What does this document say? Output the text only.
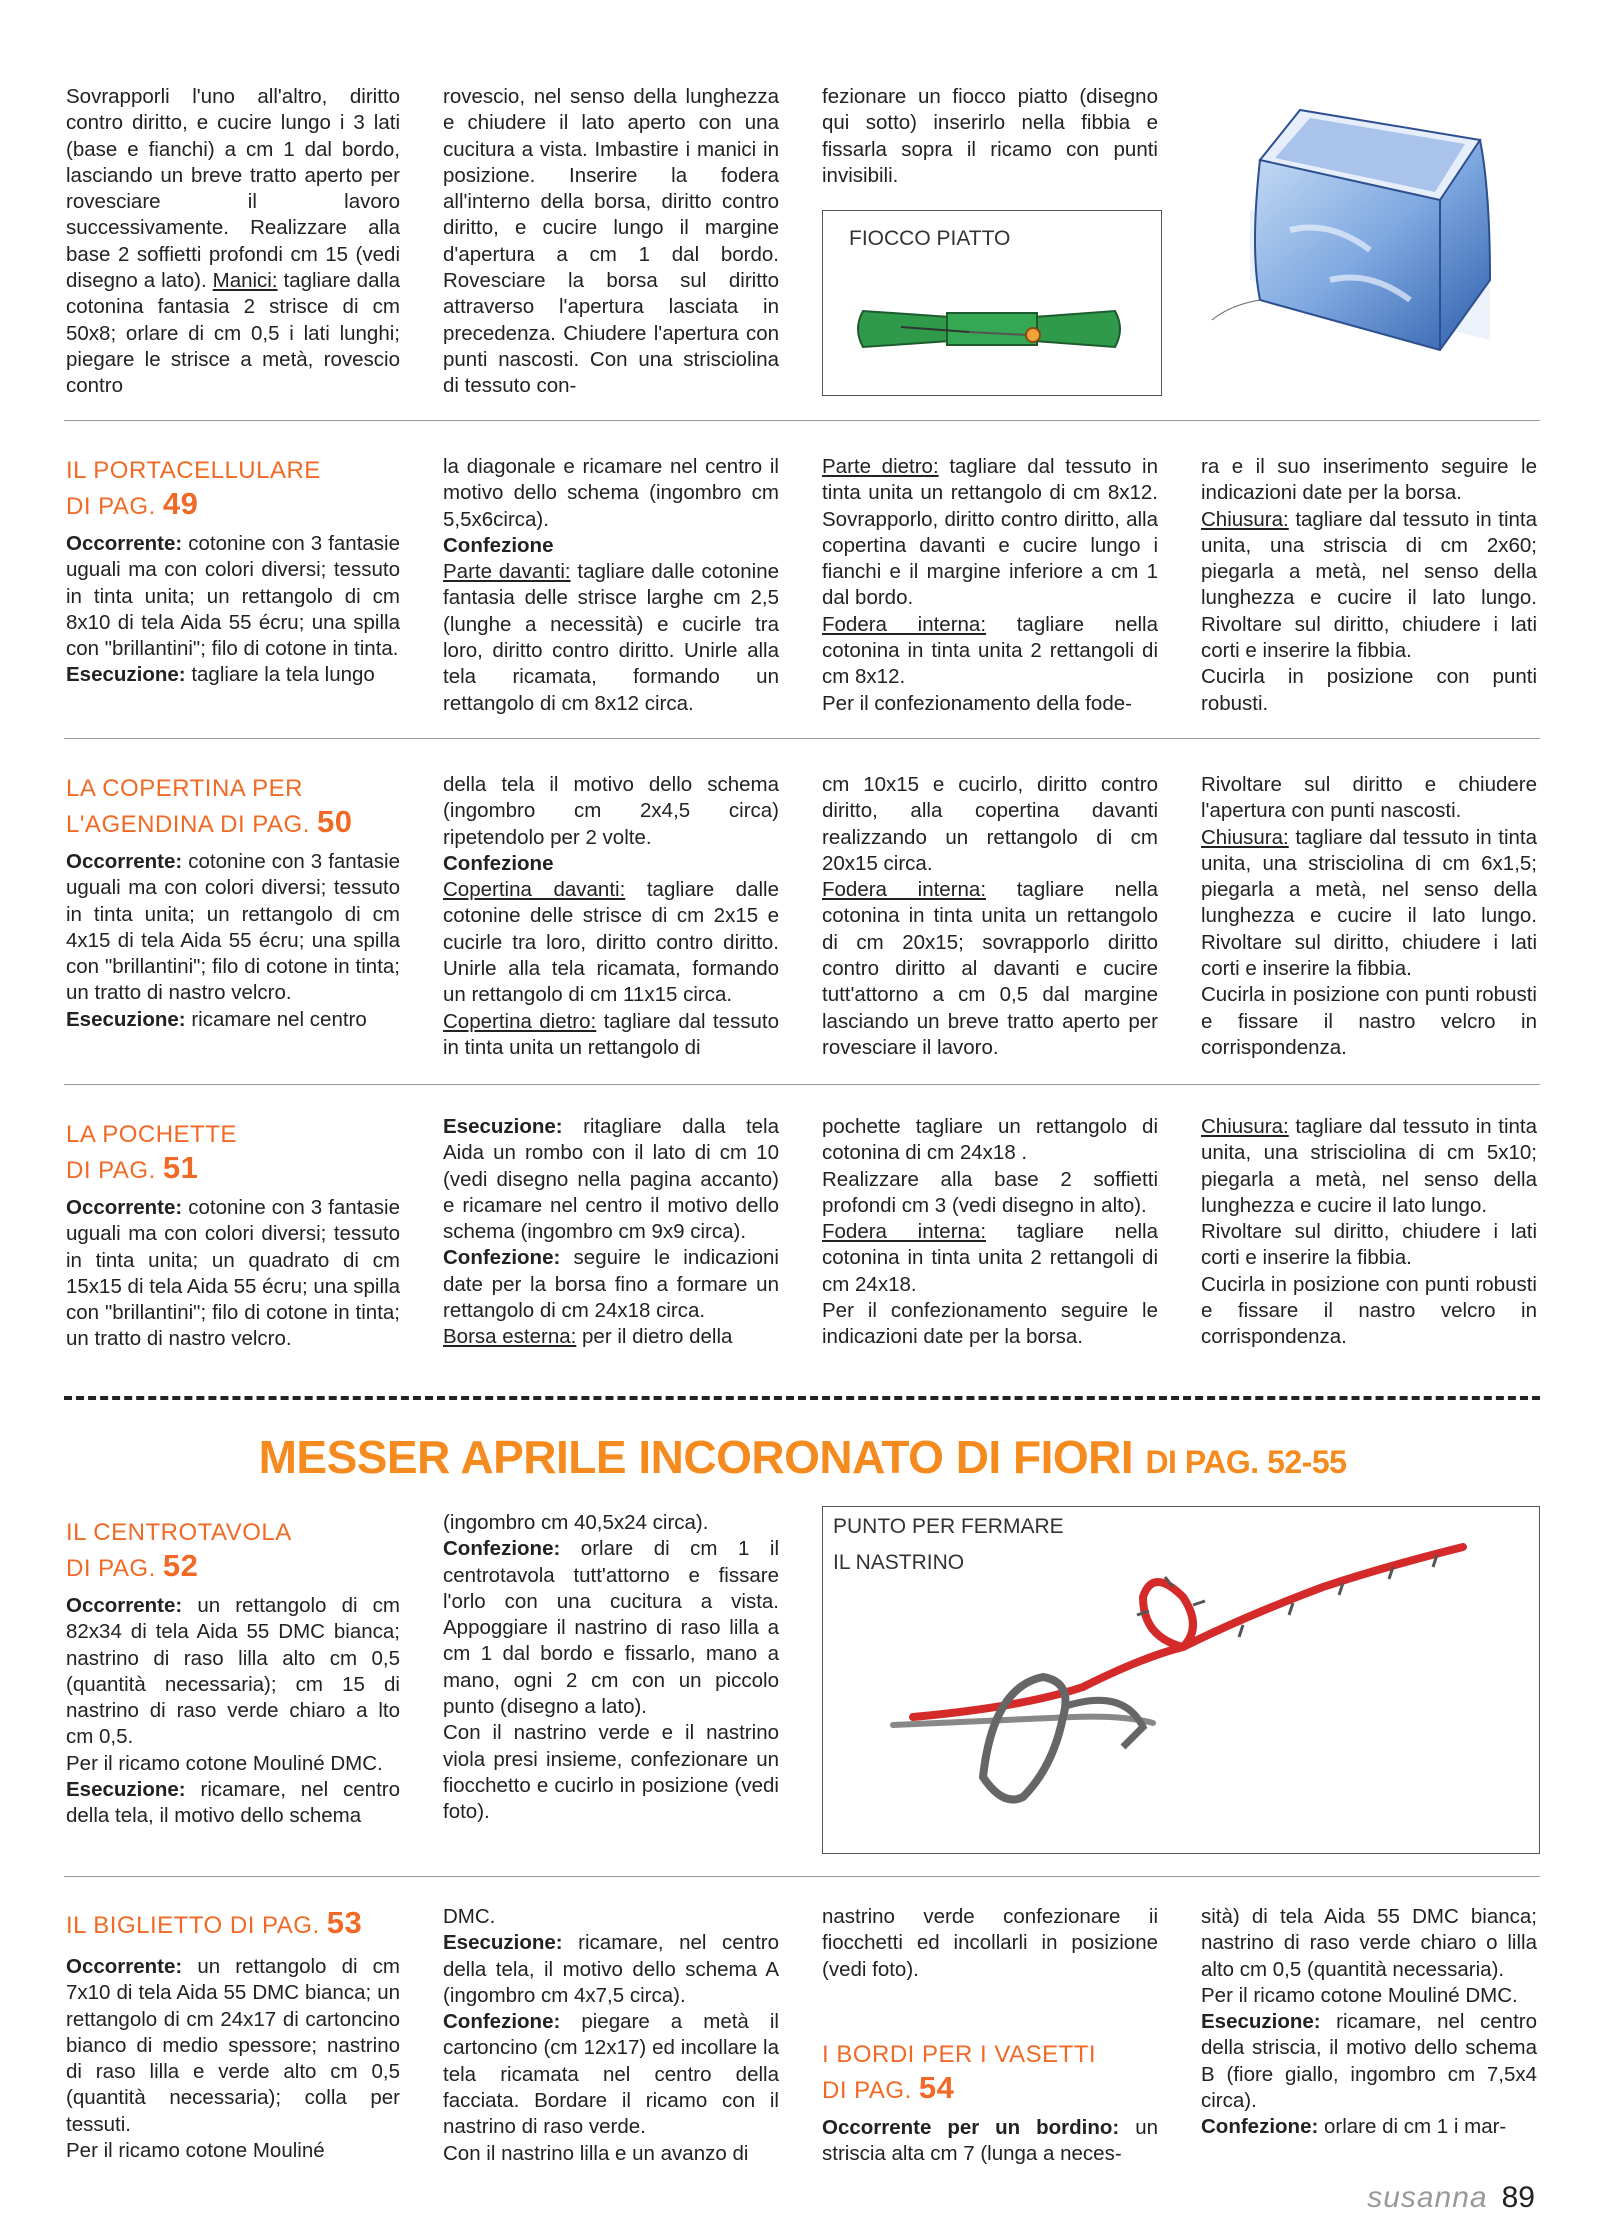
Sovrapporli l'uno all'altro, diritto contro diritto, e cucire lungo i 3 lati (base e fianchi) a cm 1 dal bordo, lasciando un breve tratto aperto per rovesciare il lavoro successivamente. Realizzare alla base 2 soffietti profondi cm 15 (vedi disegno a lato). Manici: tagliare dalla cotonina fantasia 2 strisce di cm 50x8; orlare di cm 0,5 i lati lunghi; piegare le strisce a metà, rovescio contro

rovescio, nel senso della lunghezza e chiudere il lato aperto con una cucitura a vista. Imbastire i manici in posizione. Inserire la fodera all'interno della borsa, diritto contro diritto, e cucire lungo il margine d'apertura a cm 1 dal bordo. Rovesciare la borsa sul diritto attraverso l'apertura lasciata in precedenza. Chiudere l'apertura con punti nascosti. Con una strisciolina di tessuto con-

fezionare un fiocco piatto (disegno qui sotto) inserirlo nella fibbia e fissarla sopra il ricamo con punti invisibili.

FIOCCO PIATTO
IL PORTACELLULARE
DI PAG. 49

Occorrente: cotonine con 3 fantasie uguali ma con colori diversi; tessuto in tinta unita; un rettangolo di cm 8x10 di tela Aida 55 écru; una spilla con "brillantini"; filo di cotone in tinta.

Esecuzione: tagliare la tela lungo

la diagonale e ricamare nel centro il motivo dello schema (ingombro cm 5,5x6circa).

Confezione

Parte davanti: tagliare dalle cotonine fantasia delle strisce larghe cm 2,5 (lunghe a necessità) e cucirle tra loro, diritto contro diritto. Unirle alla tela ricamata, formando un rettangolo di cm 8x12 circa.

Parte dietro: tagliare dal tessuto in tinta unita un rettangolo di cm 8x12. Sovrapporlo, diritto contro diritto, alla copertina davanti e cucire lungo i fianchi e il margine inferiore a cm 1 dal bordo.

Fodera interna: tagliare nella cotonina in tinta unita 2 rettangoli di cm 8x12.

Per il confezionamento della fode-

ra e il suo inserimento seguire le indicazioni date per la borsa.

Chiusura: tagliare dal tessuto in tinta unita, una striscia di cm 2x60; piegarla a metà, nel senso della lunghezza e cucire il lato lungo. Rivoltare sul diritto, chiudere i lati corti e inserire la fibbia.

Cucirla in posizione con punti robusti.

LA COPERTINA PER
L'AGENDINA DI PAG. 50

Occorrente: cotonine con 3 fantasie uguali ma con colori diversi; tessuto in tinta unita; un rettangolo di cm 4x15 di tela Aida 55 écru; una spilla con "brillantini"; filo di cotone in tinta; un tratto di nastro velcro.

Esecuzione: ricamare nel centro

della tela il motivo dello schema (ingombro cm 2x4,5 circa) ripetendolo per 2 volte.

Confezione

Copertina davanti: tagliare dalle cotonine delle strisce di cm 2x15 e cucirle tra loro, diritto contro diritto. Unirle alla tela ricamata, formando un rettangolo di cm 11x15 circa.

Copertina dietro: tagliare dal tessuto in tinta unita un rettangolo di

cm 10x15 e cucirlo, diritto contro diritto, alla copertina davanti realizzando un rettangolo di cm 20x15 circa.

Fodera interna: tagliare nella cotonina in tinta unita un rettangolo di cm 20x15; sovrapporlo diritto contro diritto al davanti e cucire tutt'attorno a cm 0,5 dal margine lasciando un breve tratto aperto per rovesciare il lavoro.

Rivoltare sul diritto e chiudere l'apertura con punti nascosti.

Chiusura: tagliare dal tessuto in tinta unita, una strisciolina di cm 6x1,5; piegarla a metà, nel senso della lunghezza e cucire il lato lungo. Rivoltare sul diritto, chiudere i lati corti e inserire la fibbia.

Cucirla in posizione con punti robusti e fissare il nastro velcro in corrispondenza.

LA POCHETTE
DI PAG. 51

Occorrente: cotonine con 3 fantasie uguali ma con colori diversi; tessuto in tinta unita; un quadrato di cm 15x15 di tela Aida 55 écru; una spilla con "brillantini"; filo di cotone in tinta; un tratto di nastro velcro.

Esecuzione: ritagliare dalla tela Aida un rombo con il lato di cm 10 (vedi disegno nella pagina accanto) e ricamare nel centro il motivo dello schema (ingombro cm 9x9 circa).

Confezione: seguire le indicazioni date per la borsa fino a formare un rettangolo di cm 24x18 circa.

Borsa esterna: per il dietro della

pochette tagliare un rettangolo di cotonina di cm 24x18 .

Realizzare alla base 2 soffietti profondi cm 3 (vedi disegno in alto).

Fodera interna: tagliare nella cotonina in tinta unita 2 rettangoli di cm 24x18.

Per il confezionamento seguire le indicazioni date per la borsa.

Chiusura: tagliare dal tessuto in tinta unita, una strisciolina di cm 5x10; piegarla a metà, nel senso della lunghezza e cucire il lato lungo.

Rivoltare sul diritto, chiudere i lati corti e inserire la fibbia.

Cucirla in posizione con punti robusti e fissare il nastro velcro in corrispondenza.

MESSER APRILE INCORONATO DI FIORI DI PAG. 52-55
IL CENTROTAVOLA
DI PAG. 52

Occorrente: un rettangolo di cm 82x34 di tela Aida 55 DMC bianca; nastrino di raso lilla alto cm 0,5 (quantità necessaria); cm 15 di nastrino di raso verde chiaro a lto cm 0,5.

Per il ricamo cotone Mouliné DMC.

Esecuzione: ricamare, nel centro della tela, il motivo dello schema

(ingombro cm 40,5x24 circa).

Confezione: orlare di cm 1 il centrotavola tutt'attorno e fissare l'orlo con una cucitura a vista. Appoggiare il nastrino di raso lilla a cm 1 dal bordo e fissarlo, mano a mano, ogni 2 cm con un piccolo punto (disegno a lato).

Con il nastrino verde e il nastrino viola presi insieme, confezionare un fiocchetto e cucirlo in posizione (vedi foto).

PUNTO PER FERMARE
IL NASTRINO
IL BIGLIETTO DI PAG. 53

Occorrente: un rettangolo di cm 7x10 di tela Aida 55 DMC bianca; un rettangolo di cm 24x17 di cartoncino bianco di medio spessore; nastrino di raso lilla e verde alto cm 0,5 (quantità necessaria); colla per tessuti.

Per il ricamo cotone Mouliné

DMC.

Esecuzione: ricamare, nel centro della tela, il motivo dello schema A (ingombro cm 4x7,5 circa).

Confezione: piegare a metà il cartoncino (cm 12x17) ed incollare la tela ricamata nel centro della facciata. Bordare il ricamo con il nastrino di raso verde.

Con il nastrino lilla e un avanzo di

nastrino verde confezionare ii fiocchetti ed incollarli in posizione (vedi foto).

I BORDI PER I VASETTI
DI PAG. 54

Occorrente per un bordino: un striscia alta cm 7 (lunga a neces-

sità) di tela Aida 55 DMC bianca; nastrino di raso verde chiaro o lilla alto cm 0,5 (quantità necessaria).

Per il ricamo cotone Mouliné DMC.

Esecuzione: ricamare, nel centro della striscia, il motivo dello schema B (fiore giallo, ingombro cm 7,5x4 circa).

Confezione: orlare di cm 1 i mar-

susanna 89
